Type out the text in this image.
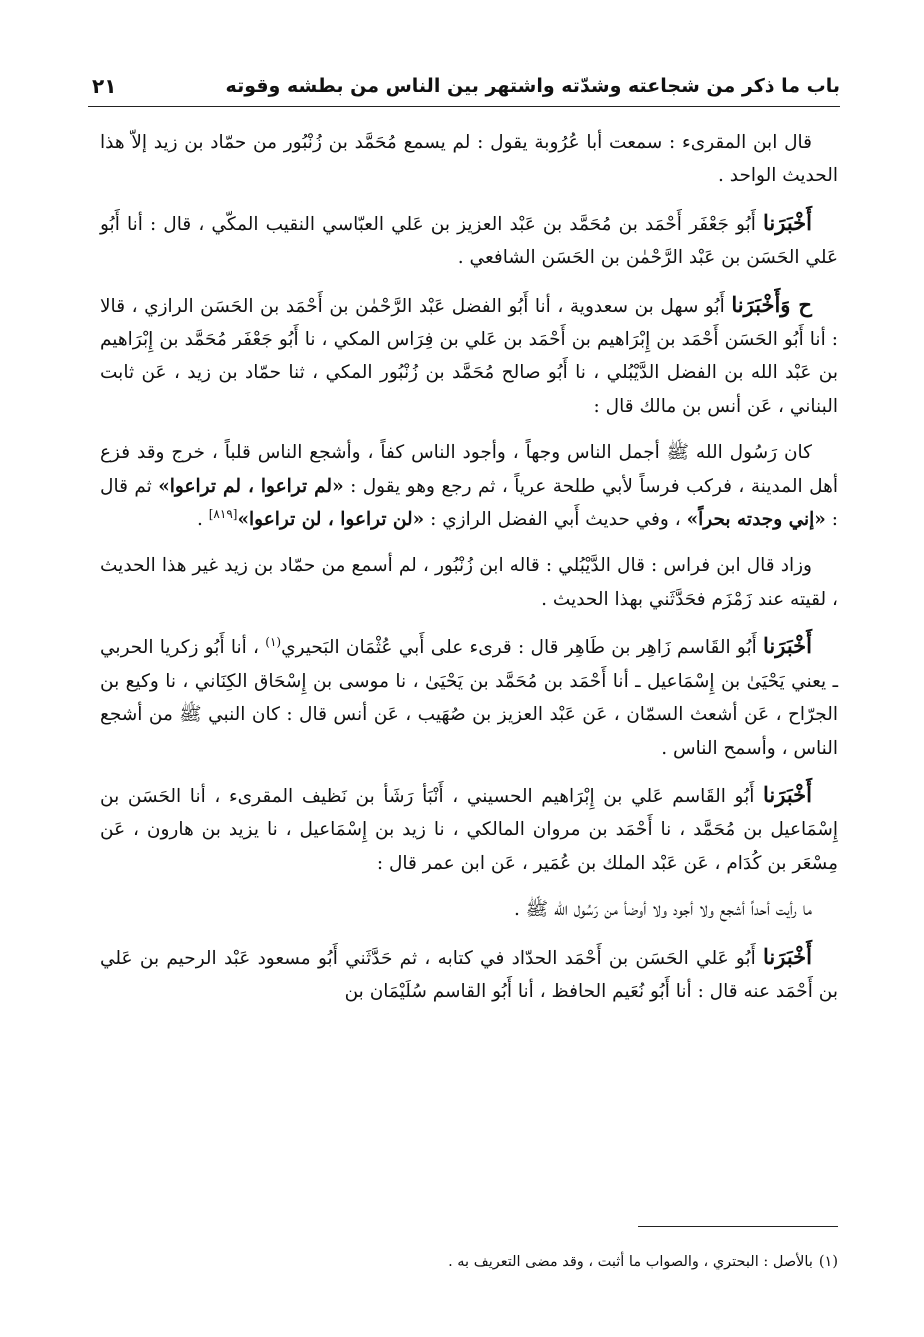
باب ما ذكر من شجاعته وشدّته واشتهر بين الناس من بطشه وقوته
٢١

قال ابن المقرىء : سمعت أبا عُرُوبة يقول : لم يسمع مُحَمَّد بن زُنْبُور من حمّاد بن زيد إلاّ هذا الحديث الواحد .

أَخْبَرَنا أَبُو جَعْفَر أَحْمَد بن مُحَمَّد بن عَبْد العزيز بن عَلي العبّاسي النقيب المكّي ، قال : أنا أَبُو عَلي الحَسَن بن عَبْد الرَّحْمٰن بن الحَسَن الشافعي .

ح وَأَخْبَرَنا أَبُو سهل بن سعدوية ، أنا أَبُو الفضل عَبْد الرَّحْمٰن بن أَحْمَد بن الحَسَن الرازي ، قالا : أنا أَبُو الحَسَن أَحْمَد بن إِبْرَاهيم بن أَحْمَد بن عَلي بن فِرَاس المكي ، نا أَبُو جَعْفَر مُحَمَّد بن إِبْرَاهيم بن عَبْد الله بن الفضل الدَّيْبُلي ، نا أَبُو صالح مُحَمَّد بن زُنْبُور المكي ، ثنا حمّاد بن زيد ، عَن ثابت البناني ، عَن أنس بن مالك قال :

كان رَسُول الله ﷺ أجمل الناس وجهاً ، وأجود الناس كفاً ، وأشجع الناس قلباً ، خرج وقد فزع أهل المدينة ، فركب فرساً لأبي طلحة عرياً ، ثم رجع وهو يقول : «لم تراعوا ، لم تراعوا» ثم قال : «إني وجدته بحراً» ، وفي حديث أَبي الفضل الرازي : «لن تراعوا ، لن تراعوا»[٨١٩] .

وزاد قال ابن فراس : قال الدَّيْبُلي : قاله ابن زُنْبُور ، لم أسمع من حمّاد بن زيد غير هذا الحديث ، لقيته عند زَمْزَم فحَدَّثَني بهذا الحديث .

أَخْبَرَنا أَبُو القَاسم زَاهِر بن طَاهِر قال : قرىء على أَبي عُثْمَان البَحيري$^{(١)}$ ، أنا أَبُو زكريا الحربي ـ يعني يَحْيَىٰ بن إِسْمَاعيل ـ أنا أَحْمَد بن مُحَمَّد بن يَحْيَىٰ ، نا موسى بن إِسْحَاق الكِنَاني ، نا وكيع بن الجرّاح ، عَن أشعث السمّان ، عَن عَبْد العزيز بن صُهَيب ، عَن أنس قال : كان النبي ﷺ من أشجع الناس ، وأسمح الناس .

أَخْبَرَنا أَبُو القَاسم عَلي بن إِبْرَاهيم الحسيني ، أَنْبَأ رَشَأ بن نَظيف المقرىء ، أنا الحَسَن بن إِسْمَاعيل بن مُحَمَّد ، نا أَحْمَد بن مروان المالكي ، نا زيد بن إِسْمَاعيل ، نا يزيد بن هارون ، عَن مِسْعَر بن كُدَام ، عَن عَبْد الملك بن عُمَير ، عَن ابن عمر قال :

ما رأيت أحداً أشجع ولا أجود ولا أوضأ من رَسُول الله ﷺ .

أَخْبَرَنا أَبُو عَلي الحَسَن بن أَحْمَد الحدّاد في كتابه ، ثم حَدَّثَني أَبُو مسعود عَبْد الرحيم بن عَلي بن أَحْمَد عنه قال : أنا أَبُو نُعَيم الحافظ ، أنا أَبُو القاسم سُلَيْمَان بن

(١)بالأصل : البحتري ، والصواب ما أثبت ، وقد مضى التعريف به .
